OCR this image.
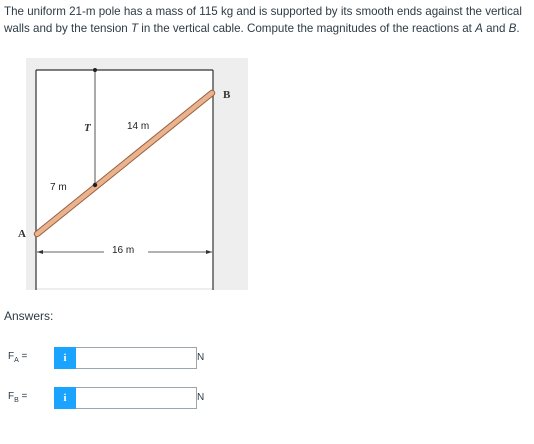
The uniform 21-m pole has a mass of 115 kg and is supported by its smooth ends against the vertical walls and by the tension T in the vertical cable. Compute the magnitudes of the reactions at A and B.

14 m
7 m
16 m
T
A
B
Answers:
$F_A$ =	i	N
$F_B$ =	i	N
